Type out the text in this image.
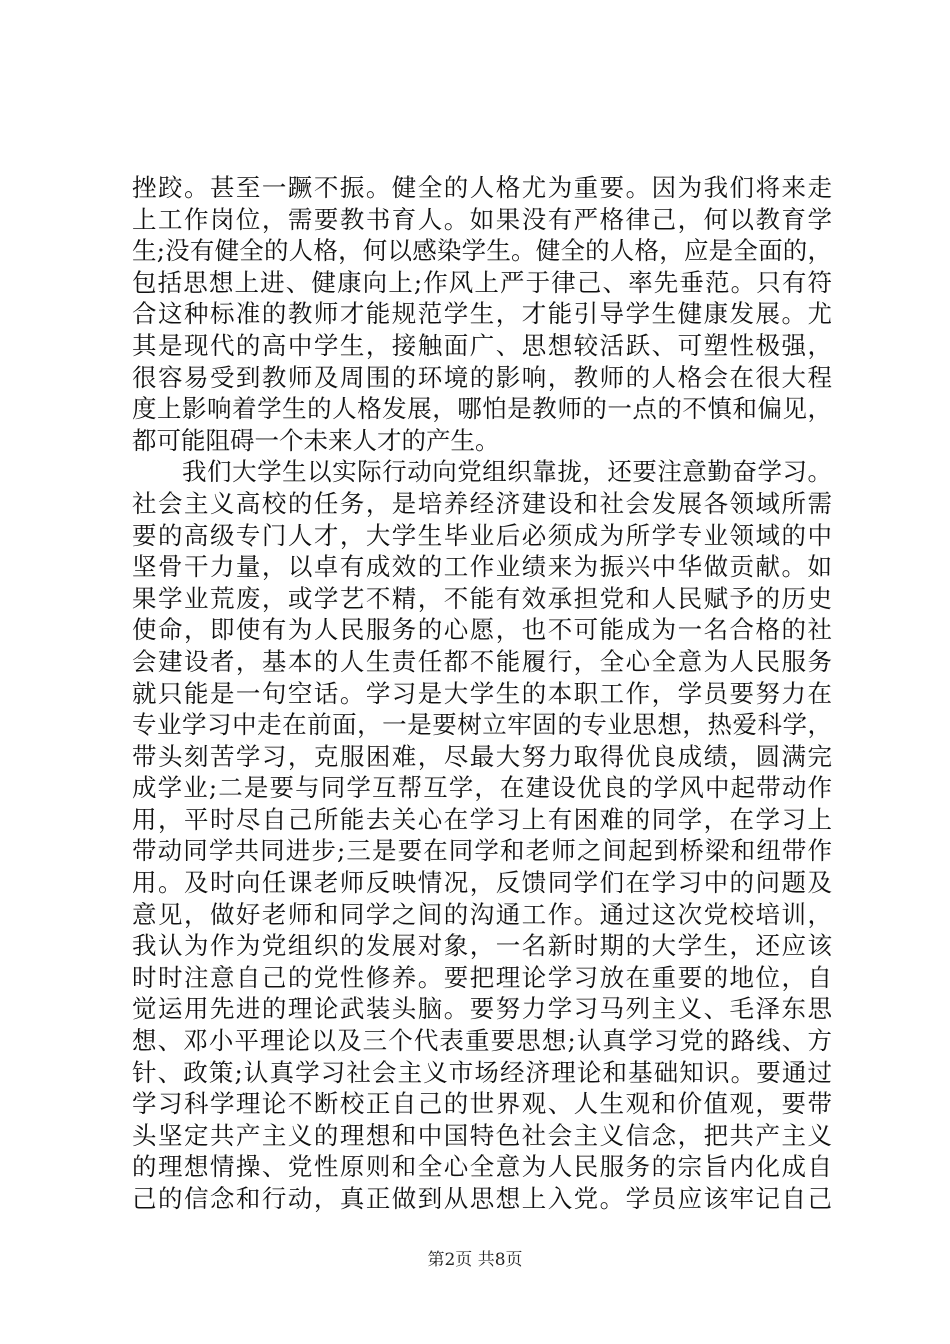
挫跤。甚至一蹶不振。健全的人格尤为重要。因为我们将来走
上工作岗位，需要教书育人。如果没有严格律己，何以教育学
生;没有健全的人格，何以感染学生。健全的人格，应是全面的，
包括思想上进、健康向上;作风上严于律己、率先垂范。只有符
合这种标准的教师才能规范学生，才能引导学生健康发展。尤
其是现代的高中学生，接触面广、思想较活跃、可塑性极强，
很容易受到教师及周围的环境的影响，教师的人格会在很大程
度上影响着学生的人格发展，哪怕是教师的一点的不慎和偏见，
都可能阻碍一个未来人才的产生。
　　我们大学生以实际行动向党组织靠拢，还要注意勤奋学习。
社会主义高校的任务，是培养经济建设和社会发展各领域所需
要的高级专门人才，大学生毕业后必须成为所学专业领域的中
坚骨干力量，以卓有成效的工作业绩来为振兴中华做贡献。如
果学业荒废，或学艺不精，不能有效承担党和人民赋予的历史
使命，即使有为人民服务的心愿，也不可能成为一名合格的社
会建设者，基本的人生责任都不能履行，全心全意为人民服务
就只能是一句空话。学习是大学生的本职工作，学员要努力在
专业学习中走在前面，一是要树立牢固的专业思想，热爱科学，
带头刻苦学习，克服困难，尽最大努力取得优良成绩，圆满完
成学业;二是要与同学互帮互学，在建设优良的学风中起带动作
用，平时尽自己所能去关心在学习上有困难的同学，在学习上
带动同学共同进步;三是要在同学和老师之间起到桥梁和纽带作
用。及时向任课老师反映情况，反馈同学们在学习中的问题及
意见，做好老师和同学之间的沟通工作。通过这次党校培训，
我认为作为党组织的发展对象，一名新时期的大学生，还应该
时时注意自己的党性修养。要把理论学习放在重要的地位，自
觉运用先进的理论武装头脑。要努力学习马列主义、毛泽东思
想、邓小平理论以及三个代表重要思想;认真学习党的路线、方
针、政策;认真学习社会主义市场经济理论和基础知识。要通过
学习科学理论不断校正自己的世界观、人生观和价值观，要带
头坚定共产主义的理想和中国特色社会主义信念，把共产主义
的理想情操、党性原则和全心全意为人民服务的宗旨内化成自
己的信念和行动，真正做到从思想上入党。学员应该牢记自己
第2页 共8页
